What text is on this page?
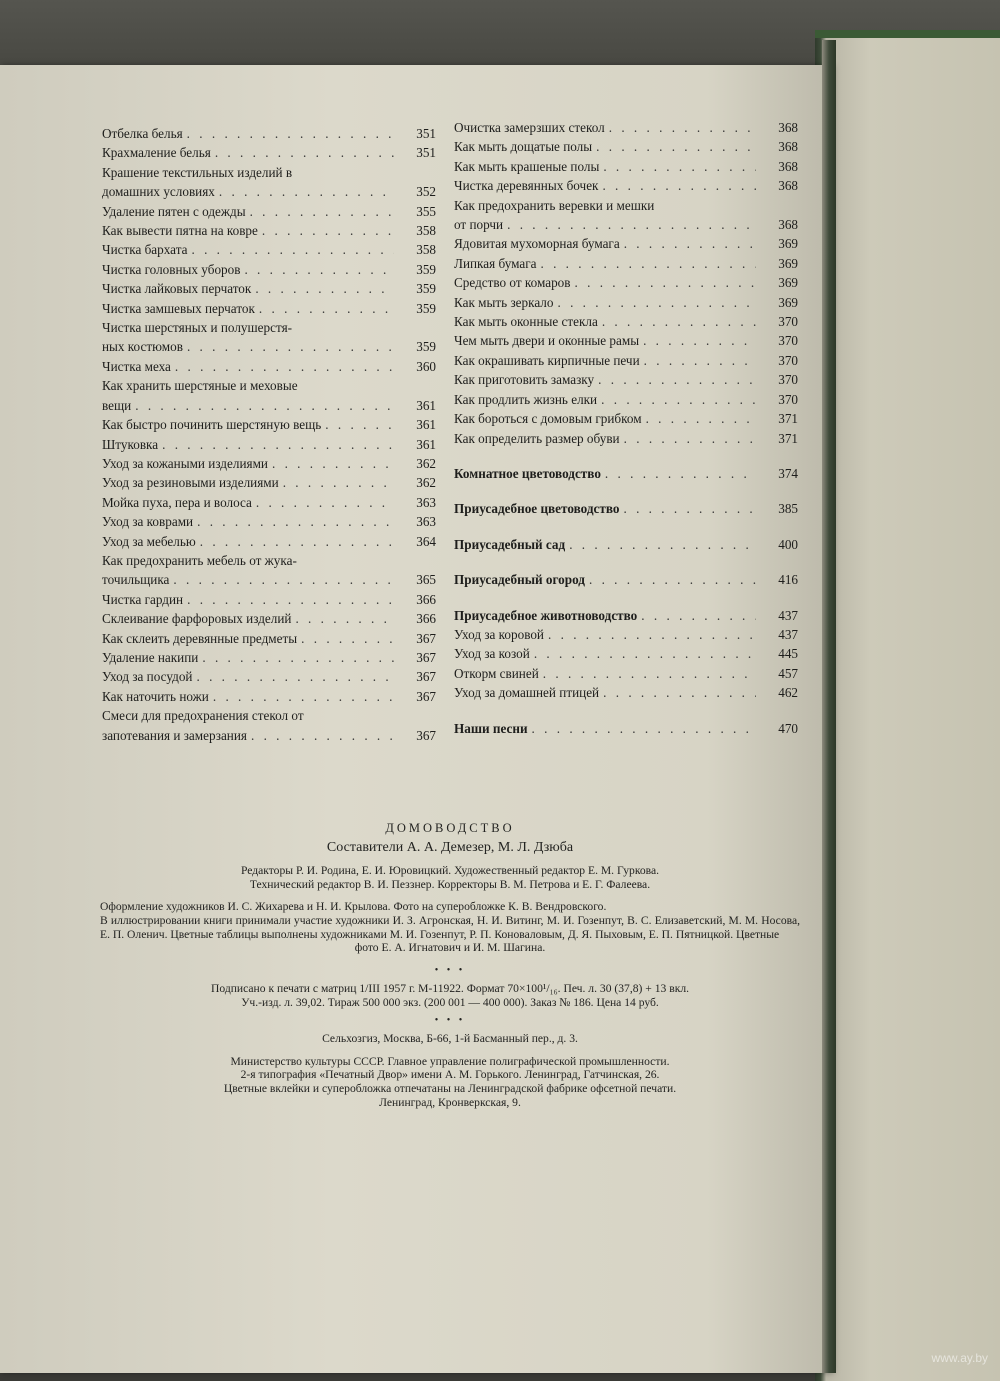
Отбелка белья . . .	351
Крахмаление белья . . .	351
Крашение текстильных изделий в
домашних условиях . . .	352
Удаление пятен с одежды . . .	355
Как вывести пятна на ковре . . .	358
Чистка бархата . . .	358
Чистка головных уборов . . .	359
Чистка лайковых перчаток . . .	359
Чистка замшевых перчаток . . .	359
Чистка шерстяных и полушерстя-
ных костюмов . . .	359
Чистка меха . . .	360
Как хранить шерстяные и меховые
вещи . . .	361
Как быстро починить шерстяную вещь . . .	361
Штуковка . . .	361
Уход за кожаными изделиями . . .	362
Уход за резиновыми изделиями . . .	362
Мойка пуха, пера и волоса . . .	363
Уход за коврами . . .	363
Уход за мебелью . . .	364
Как предохранить мебель от жука-
точильщика . . .	365
Чистка гардин . . .	366
Склеивание фарфоровых изделий . . .	366
Как склеить деревянные предметы . . .	367
Удаление накипи . . .	367
Уход за посудой . . .	367
Как наточить ножи . . .	367
Смеси для предохранения стекол от
запотевания и замерзания . . .	367
Очистка замерзших стекол . . .	368
Как мыть дощатые полы . . .	368
Как мыть крашеные полы . . .	368
Чистка деревянных бочек . . .	368
Как предохранить веревки и мешки
от порчи . . .	368
Ядовитая мухоморная бумага . . .	369
Липкая бумага . . .	369
Средство от комаров . . .	369
Как мыть зеркало . . .	369
Как мыть оконные стекла . . .	370
Чем мыть двери и оконные рамы . . .	370
Как окрашивать кирпичные печи . . .	370
Как приготовить замазку . . .	370
Как продлить жизнь елки . . .	370
Как бороться с домовым грибком . . .	371
Как определить размер обуви . . .	371
Комнатное цветоводство . . .	374
Приусадебное цветоводство . . .	385
Приусадебный сад . . .	400
Приусадебный огород . . .	416
Приусадебное животноводство . . .	437
Уход за коровой . . .	437
Уход за козой . . .	445
Откорм свиней . . .	457
Уход за домашней птицей . . .	462
Наши песни . . .	470
ДОМОВОДСТВО
Составители А. А. Демезер, М. Л. Дзюба
Редакторы Р. И. Родина, Е. И. Юровицкий. Художественный редактор Е. М. Гуркова.
Технический редактор В. И. Пеззнер. Корректоры В. М. Петрова и Е. Г. Фалеева.
Оформление художников И. С. Жихарева и Н. И. Крылова. Фото на суперобложке К. В. Вендровского.
В иллюстрировании книги принимали участие художники И. З. Агронская, Н. И. Витинг, М. И. Гозенпут, В. С. Елизаветский, М. М. Носова, Е. П. Оленич. Цветные таблицы выполнены художниками М. И. Гозенпут, Р. П. Коноваловым, Д. Я. Пыховым, Е. П. Пятницкой. Цветные
фото Е. А. Игнатович и И. М. Шагина.
• • •
Подписано к печати с матриц 1/III 1957 г. М-11922. Формат 70×100¹/₁₆. Печ. л. 30 (37,8) + 13 вкл.
Уч.-изд. л. 39,02. Тираж 500 000 экз. (200 001 — 400 000). Заказ № 186. Цена 14 руб.
• • •
Сельхозгиз, Москва, Б-66, 1-й Басманный пер., д. 3.
Министерство культуры СССР. Главное управление полиграфической промышленности.
2-я типография «Печатный Двор» имени А. М. Горького. Ленинград, Гатчинская, 26.
Цветные вклейки и суперобложка отпечатаны на Ленинградской фабрике офсетной печати.
Ленинград, Кронверкская, 9.
www.ay.by
